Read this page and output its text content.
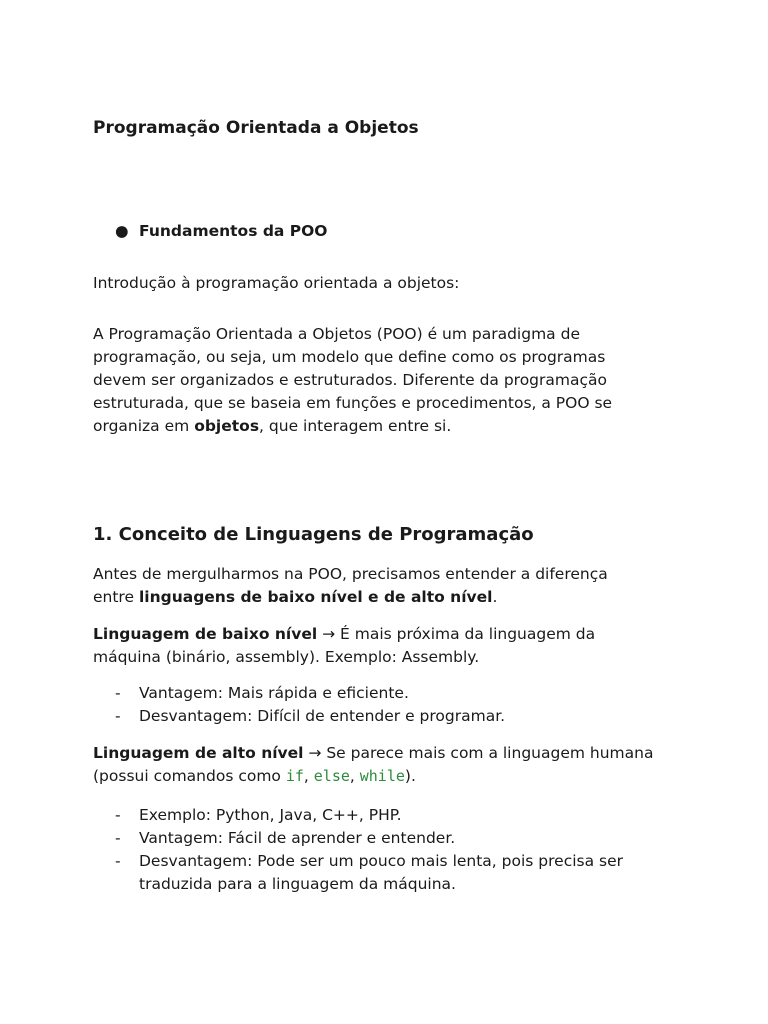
Programação Orientada a Objetos
● Fundamentos da POO

Introdução à programação orientada a objetos:

A Programação Orientada a Objetos (POO) é um paradigma de programação, ou seja, um modelo que define como os programas devem ser organizados e estruturados. Diferente da programação estruturada, que se baseia em funções e procedimentos, a POO se organiza em objetos, que interagem entre si.

1. Conceito de Linguagens de Programação

Antes de mergulharmos na POO, precisamos entender a diferença entre linguagens de baixo nível e de alto nível.

Linguagem de baixo nível → É mais próxima da linguagem da máquina (binário, assembly). Exemplo: Assembly.

- Vantagem: Mais rápida e eficiente.
- Desvantagem: Difícil de entender e programar.

Linguagem de alto nível → Se parece mais com a linguagem humana (possui comandos como if, else, while).

- Exemplo: Python, Java, C++, PHP.
- Vantagem: Fácil de aprender e entender.
- Desvantagem: Pode ser um pouco mais lenta, pois precisa ser traduzida para a linguagem da máquina.
